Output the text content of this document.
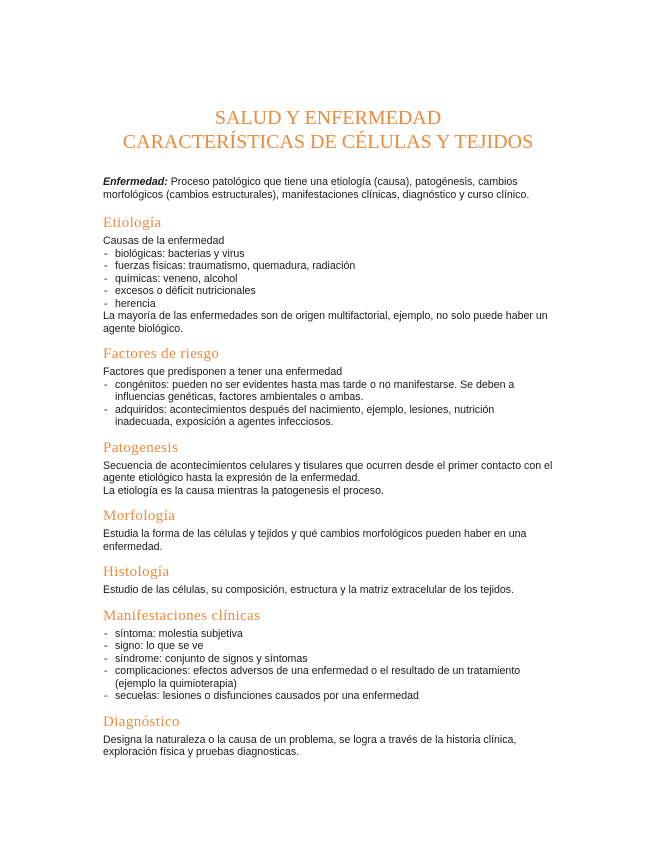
SALUD Y ENFERMEDAD
CARACTERÍSTICAS DE CÉLULAS Y TEJIDOS

Enfermedad: Proceso patológico que tiene una etiología (causa), patogénesis, cambios morfológicos (cambios estructurales), manifestaciones clínicas, diagnóstico y curso clínico.

Etiología

Causas de la enfermedad

- biológicas: bacterias y virus
- fuerzas físicas: traumatismo, quemadura, radiación
- químicas: veneno, alcohol
- excesos o déficit nutricionales
- herencia

La mayoría de las enfermedades son de origen multifactorial, ejemplo, no solo puede haber un agente biológico.

Factores de riesgo

Factores que predisponen a tener una enfermedad

- congénitos: pueden no ser evidentes hasta mas tarde o no manifestarse. Se deben a influencias genéticas, factores ambientales o ambas.
- adquiridos: acontecimientos después del nacimiento, ejemplo, lesiones, nutrición inadecuada, exposición a agentes infecciosos.
Patogenesis

Secuencia de acontecimientos celulares y tisulares que ocurren desde el primer contacto con el agente etiológico hasta la expresión de la enfermedad.

La etiología es la causa mientras la patogenesis el proceso.

Morfología

Estudia la forma de las células y tejidos y qué cambios morfológicos pueden haber en una enfermedad.

Histología

Estudio de las células, su composición, estructura y la matriz extracelular de los tejidos.

Manifestaciones clínicas
- síntoma: molestia subjetiva
- signo: lo que se ve
- síndrome: conjunto de signos y síntomas
- complicaciones: efectos adversos de una enfermedad o el resultado de un tratamiento (ejemplo la quimioterapia)
- secuelas: lesiones o disfunciones causados por una enfermedad
Diagnóstico

Designa la naturaleza o la causa de un problema, se logra a través de la historia clínica, exploración física y pruebas diagnosticas.
